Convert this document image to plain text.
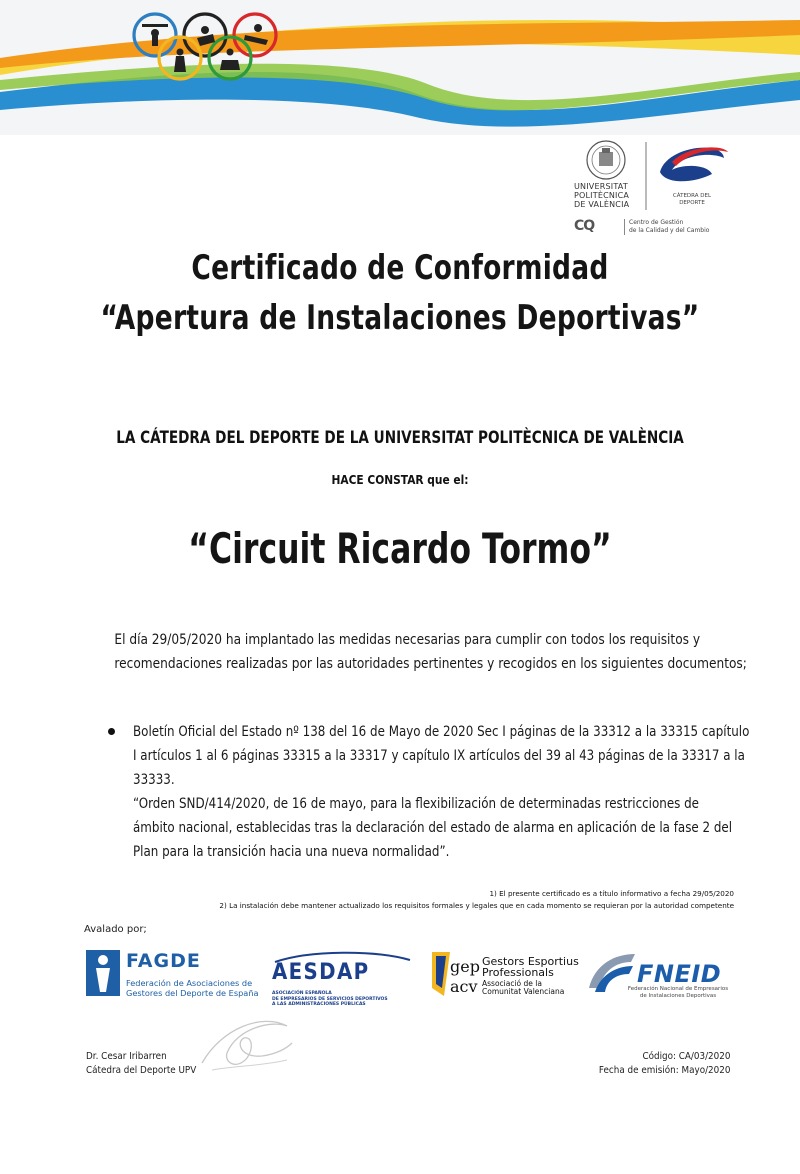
UNIVERSITAT
POLITÈCNICA
DE VALÈNCIA
CÀTEDRA DEL
DEPORTE
CQ	Centro de Gestión
de la Calidad y del Cambio
Certificado de Conformidad
“Apertura de Instalaciones Deportivas”
LA CÁTEDRA DEL DEPORTE DE LA UNIVERSITAT POLITÈCNICA DE VALÈNCIA
HACE CONSTAR que el:
“Circuit Ricardo Tormo”
El día 29/05/2020 ha implantado las medidas necesarias para cumplir con todos los requisitos y
recomendaciones realizadas por las autoridades pertinentes y recogidos en los siguientes documentos;
Boletín Oficial del Estado nº 138 del 16 de Mayo de 2020 Sec I páginas de la 33312 a la 33315 capítulo
I artículos 1 al 6 páginas 33315 a la 33317 y capítulo IX artículos del 39 al 43 páginas de la 33317 a la
33333.
“Orden SND/414/2020, de 16 de mayo, para la flexibilización de determinadas restricciones de
ámbito nacional, establecidas tras la declaración del estado de alarma en aplicación de la fase 2 del
Plan para la transición hacia una nueva normalidad”.
1) El presente certificado es a título informativo a fecha 29/05/2020
2) La instalación debe mantener actualizado los requisitos formales y legales que en cada momento se requieran por la autoridad competente
Avalado por;
FAGDE
Federación de Asociaciones de
Gestores del Deporte de España
AESDAP
ASOCIACIÓN ESPAÑOLA
DE EMPRESARIOS DE SERVICIOS DEPORTIVOS
A LAS ADMINISTRACIONES PÚBLICAS
gep
acv
Gestors Esportius
Professionals
Associació de la
Comunitat Valenciana
FNEID
Federación Nacional de Empresarios
de Instalaciones Deportivas
Dr. Cesar Iribarren
Cátedra del Deporte UPV
Código: CA/03/2020
Fecha de emisión: Mayo/2020
